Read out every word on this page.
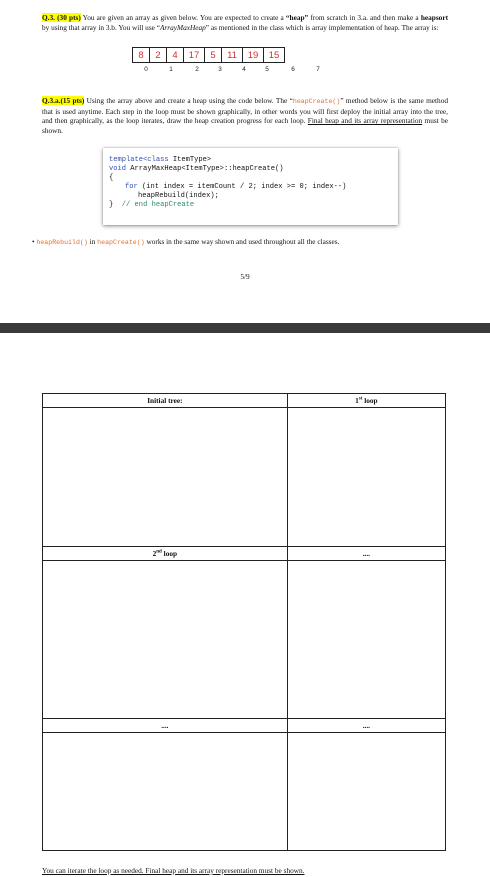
Q.3. (30 pts) You are given an array as given below. You are expected to create a “heap” from scratch in 3.a. and then make a heapsort by using that array in 3.b. You will use “ArrayMaxHeap” as mentioned in the class which is array implementation of heap. The array is:
8	2	4	17	5	11	19	15
0	1	2	3	4	5	6	7
Q.3.a.(15 pts) Using the array above and create a heap using the code below. The “heapCreate()” method below is the same method that is used anytime. Each step in the loop must be shown graphically, in other words you will first deploy the initial array into the tree, and then graphically, as the loop iterates, draw the heap creation progress for each loop. Final heap and its array representation must be shown.
template<class ItemType>
void ArrayMaxHeap<ItemType>::heapCreate()
{
for (int index = itemCount / 2; index >= 0; index--)
heapRebuild(index);
} // end heapCreate
• heapRebuild() in heapCreate() works in the same way shown and used throughout all the classes.
5/9
Initial tree:	1st loop

2nd loop	....

....	....

You can iterate the loop as needed. Final heap and its array representation must be shown.
